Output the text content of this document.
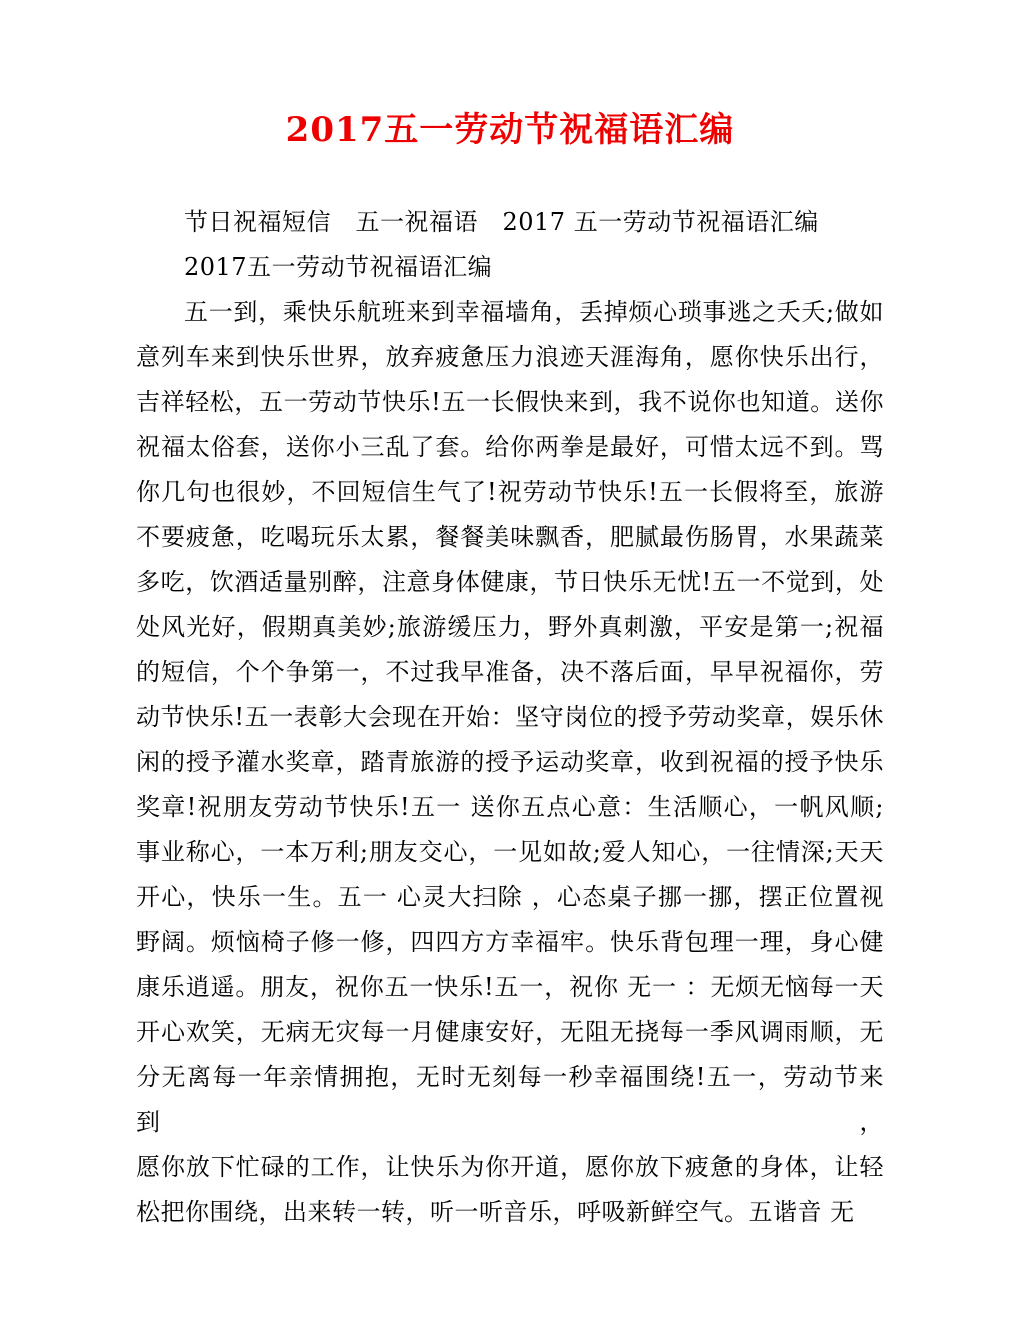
2017五一劳动节祝福语汇编
节日祝福短信　五一祝福语　2017 五一劳动节祝福语汇编
2017五一劳动节祝福语汇编
五一到，乘快乐航班来到幸福墙角，丢掉烦心琐事逃之夭夭;做如
意列车来到快乐世界，放弃疲惫压力浪迹天涯海角，愿你快乐出行，
吉祥轻松，五一劳动节快乐!五一长假快来到，我不说你也知道。送你
祝福太俗套，送你小三乱了套。给你两拳是最好，可惜太远不到。骂
你几句也很妙，不回短信生气了!祝劳动节快乐!五一长假将至，旅游
不要疲惫，吃喝玩乐太累，餐餐美味飘香，肥腻最伤肠胃，水果蔬菜
多吃，饮酒适量别醉，注意身体健康，节日快乐无忧!五一不觉到，处
处风光好，假期真美妙;旅游缓压力，野外真刺激，平安是第一;祝福
的短信，个个争第一，不过我早准备，决不落后面，早早祝福你，劳
动节快乐!五一表彰大会现在开始：坚守岗位的授予劳动奖章，娱乐休
闲的授予灌水奖章，踏青旅游的授予运动奖章，收到祝福的授予快乐
奖章!祝朋友劳动节快乐!五一 送你五点心意：生活顺心，一帆风顺;
事业称心，一本万利;朋友交心，一见如故;爱人知心，一往情深;天天
开心，快乐一生。五一 心灵大扫除 ，心态桌子挪一挪，摆正位置视
野阔。烦恼椅子修一修，四四方方幸福牢。快乐背包理一理，身心健
康乐逍遥。朋友，祝你五一快乐!五一，祝你 无一 ：无烦无恼每一天
开心欢笑，无病无灾每一月健康安好，无阻无挠每一季风调雨顺，无
分无离每一年亲情拥抱，无时无刻每一秒幸福围绕!五一，劳动节来到，
愿你放下忙碌的工作，让快乐为你开道，愿你放下疲惫的身体，让轻
松把你围绕，出来转一转，听一听音乐，呼吸新鲜空气。五谐音 无
